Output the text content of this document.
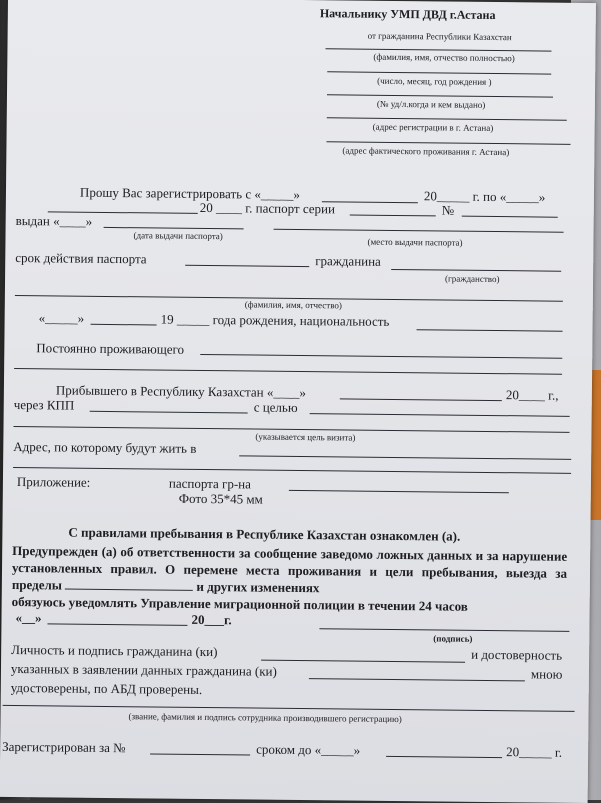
Начальнику УМП ДВД г.Астана
от гражданина Республики Казахстан
(фамилия, имя, отчество полностью)
(число, месяц, год рождения )
(№ уд/л.когда и кем выдано)
(адрес регистрации в г. Астана)
(адрес фактического проживания г. Астана)
Прошу Вас зарегистрировать с «_____»	20_____ г. по «_____»
20 ____ г. паспорт серии	№
выдан «____»
(дата выдачи паспорта)
(место выдачи паспорта)
срок действия паспорта	гражданина
(гражданство)
(фамилия, имя, отчество)
«_____»	19 _____ года рождения, национальность
Постоянно проживающего
Прибывшего в Республику Казахстан «____»	20____ г.,
через КПП	с целью
(указывается цель визита)
Адрес, по которому будут жить в
Приложение:	паспорта гр-на
Фото 35*45 мм
С правилами пребывания в Республике Казахстан ознакомлен (а).
Предупрежден (а) об ответственности за сообщение заведомо ложных данных и за нарушение установленных правил. О перемене места проживания и цели пребывания, выезда за пределы	и других изменениях
обязуюсь уведомлять Управление миграционной полиции в течении 24 часов
«__»	20___г.
(подпись)
Личность и подпись гражданина (ки)	и достоверность
указанных в заявлении данных гражданина (ки)	мною
удостоверены, по АБД проверены.
(звание, фамилия и подпись сотрудника производившего регистрацию)
Зарегистрирован за №	сроком до «_____»	20_____ г.
